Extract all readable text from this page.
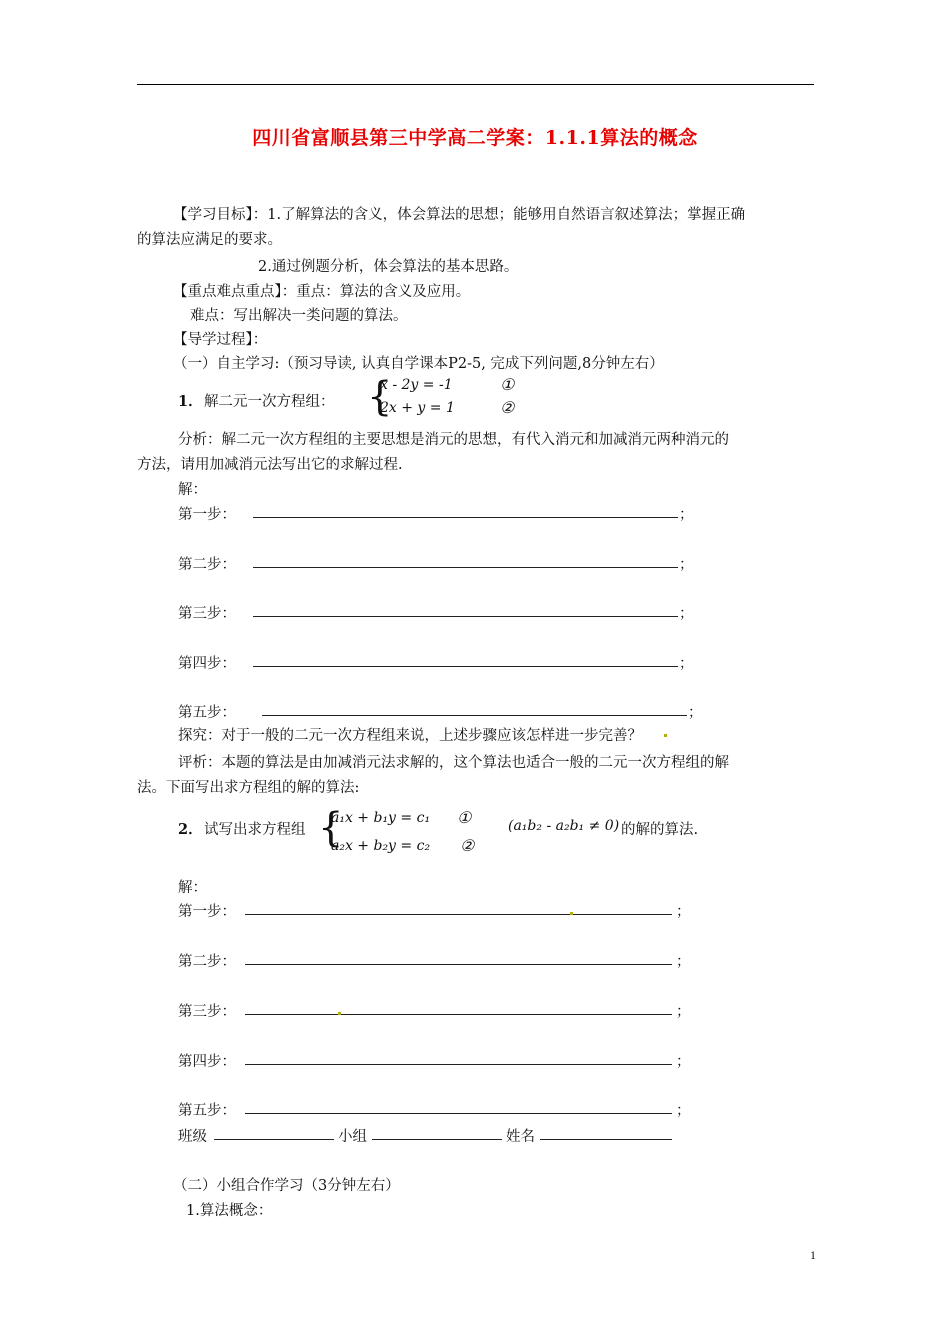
四川省富顺县第三中学高二学案：1.1.1算法的概念
【学习目标】：1.了解算法的含义，体会算法的思想；能够用自然语言叙述算法；掌握正确
的算法应满足的要求。
2.通过例题分析，体会算法的基本思路。
【重点难点重点】：重点：算法的含义及应用。
难点：写出解决一类问题的算法。
【导学过程】：
（一）自主学习:（预习导读, 认真自学课本P2-5, 完成下列问题,8分钟左右）
1． 解二元一次方程组： {
x - 2y = -1
2x + y = 1
①
②
分析：解二元一次方程组的主要思想是消元的思想，有代入消元和加减消元两种消元的
方法，请用加减消元法写出它的求解过程.
解：
第一步：	；
第二步：	；
第三步：	；
第四步：	；
第五步：	；
探究：对于一般的二元一次方程组来说，上述步骤应该怎样进一步完善？
评析：本题的算法是由加减消元法求解的，这个算法也适合一般的二元一次方程组的解
法。下面写出求方程组的解的算法:
2． 试写出求方程组 {
a₁x + b₁y = c₁
a₂x + b₂y = c₂
①
②
(a₁b₂ - a₂b₁ ≠ 0) 的解的算法.
解：
第一步：	；
第二步：	；
第三步：	；
第四步：	；
第五步：	；
班级	小组	姓名
（二）小组合作学习（3分钟左右）
1.算法概念：
1
